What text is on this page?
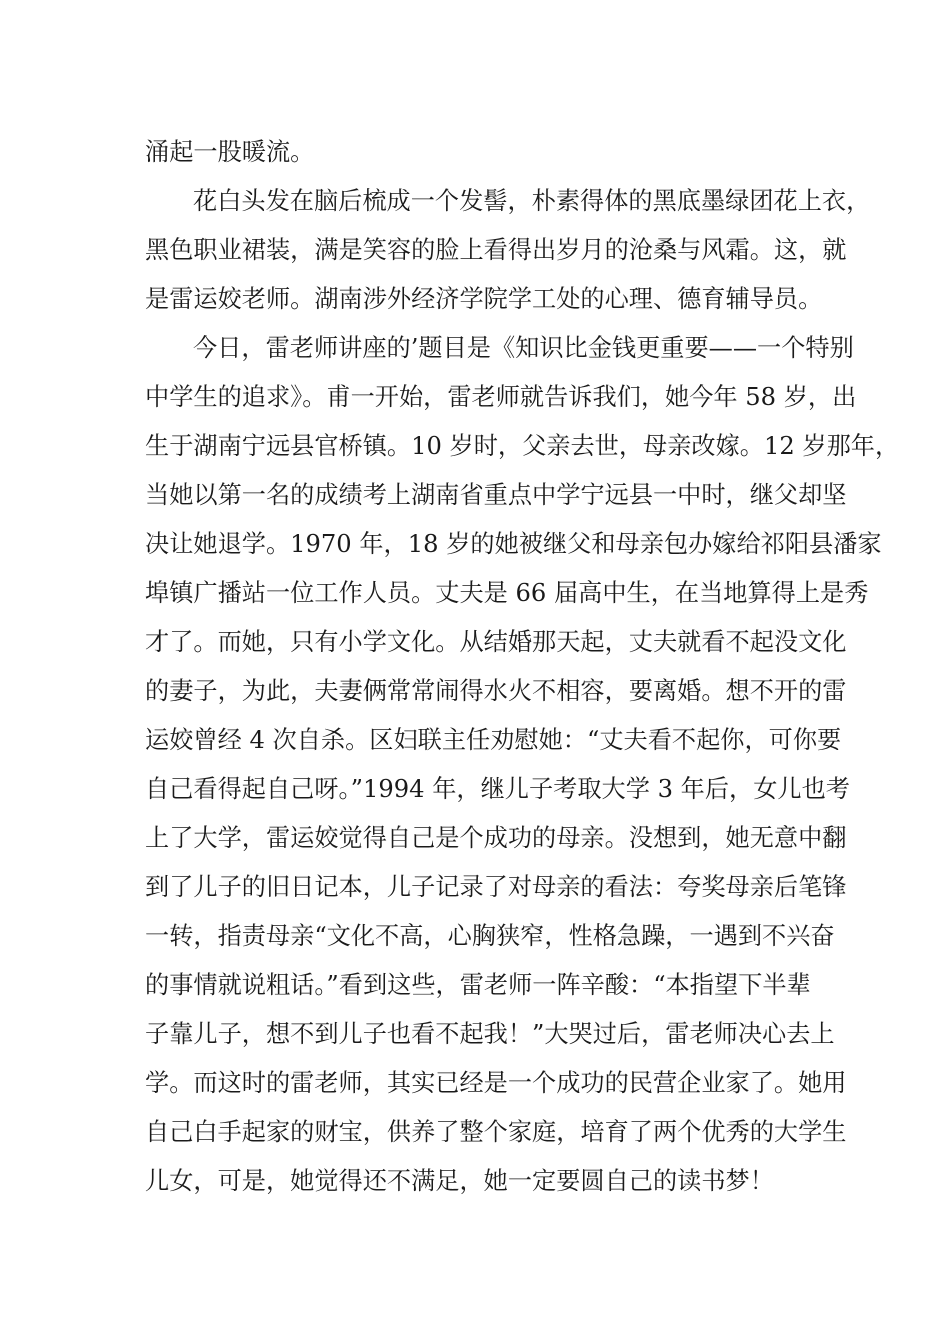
涌起一股暖流。
花白头发在脑后梳成一个发髻，朴素得体的黑底墨绿团花上衣，
黑色职业裙装，满是笑容的脸上看得出岁月的沧桑与风霜。这，就
是雷运姣老师。湖南涉外经济学院学工处的心理、德育辅导员。
今日，雷老师讲座的’题目是《知识比金钱更重要——一个特别
中学生的追求》。甫一开始，雷老师就告诉我们，她今年 58 岁，出
生于湖南宁远县官桥镇。10 岁时，父亲去世，母亲改嫁。12 岁那年，
当她以第一名的成绩考上湖南省重点中学宁远县一中时，继父却坚
决让她退学。1970 年，18 岁的她被继父和母亲包办嫁给祁阳县潘家
埠镇广播站一位工作人员。丈夫是 66 届高中生，在当地算得上是秀
才了。而她，只有小学文化。从结婚那天起，丈夫就看不起没文化
的妻子，为此，夫妻俩常常闹得水火不相容，要离婚。想不开的雷
运姣曾经 4 次自杀。区妇联主任劝慰她：“丈夫看不起你，可你要
自己看得起自己呀。”1994 年，继儿子考取大学 3 年后，女儿也考
上了大学，雷运姣觉得自己是个成功的母亲。没想到，她无意中翻
到了儿子的旧日记本，儿子记录了对母亲的看法：夸奖母亲后笔锋
一转，指责母亲“文化不高，心胸狭窄，性格急躁，一遇到不兴奋
的事情就说粗话。”看到这些，雷老师一阵辛酸：“本指望下半辈
子靠儿子，想不到儿子也看不起我！”大哭过后，雷老师决心去上
学。而这时的雷老师，其实已经是一个成功的民营企业家了。她用
自己白手起家的财宝，供养了整个家庭，培育了两个优秀的大学生
儿女，可是，她觉得还不满足，她一定要圆自己的读书梦！
